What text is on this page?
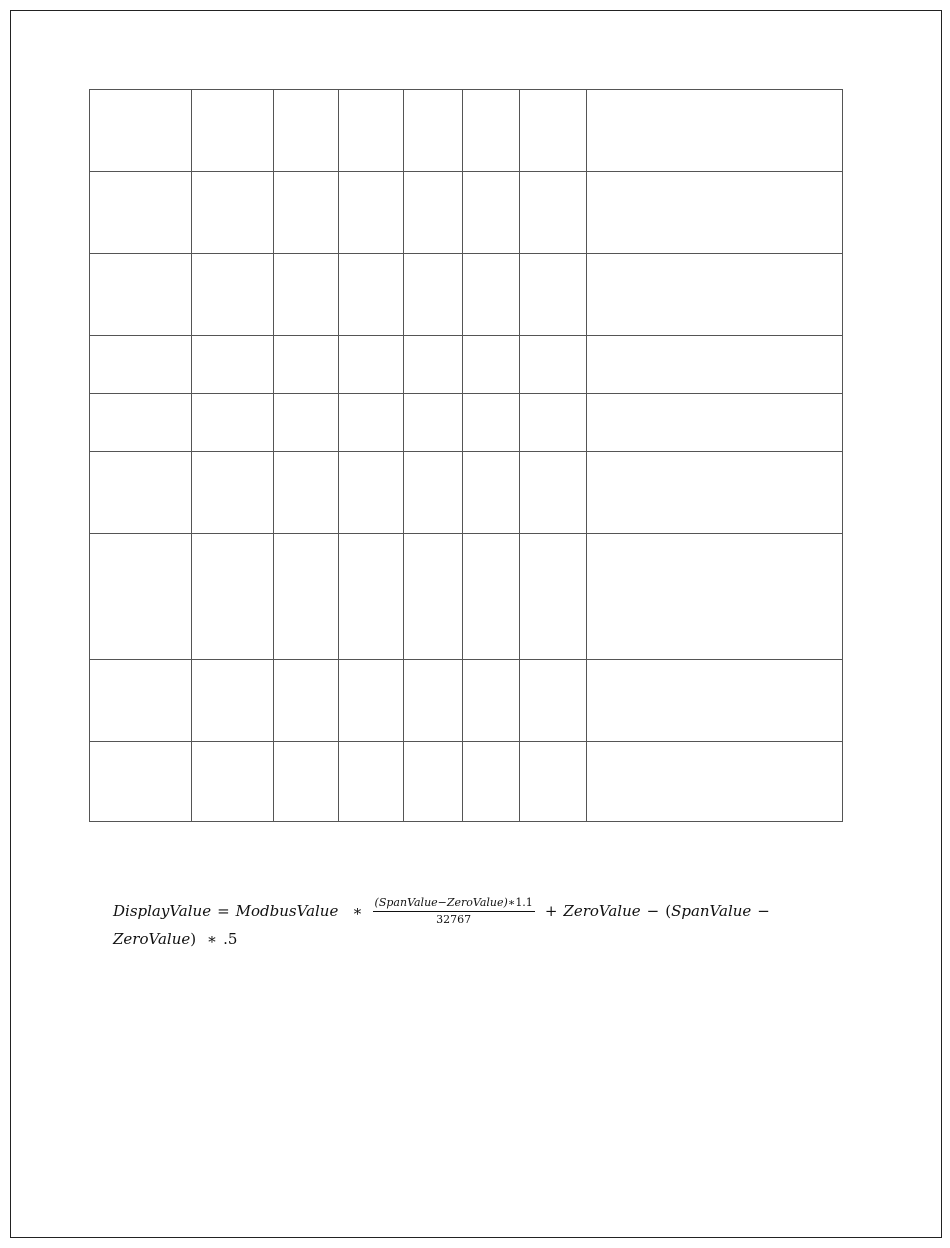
DisplayValue = ModbusValue ∗ $\frac{\text{(SpanValue−ZeroValue)∗1.1}}{32767}$ + ZeroValue − ( SpanValue −
ZeroValue) ∗ .5
